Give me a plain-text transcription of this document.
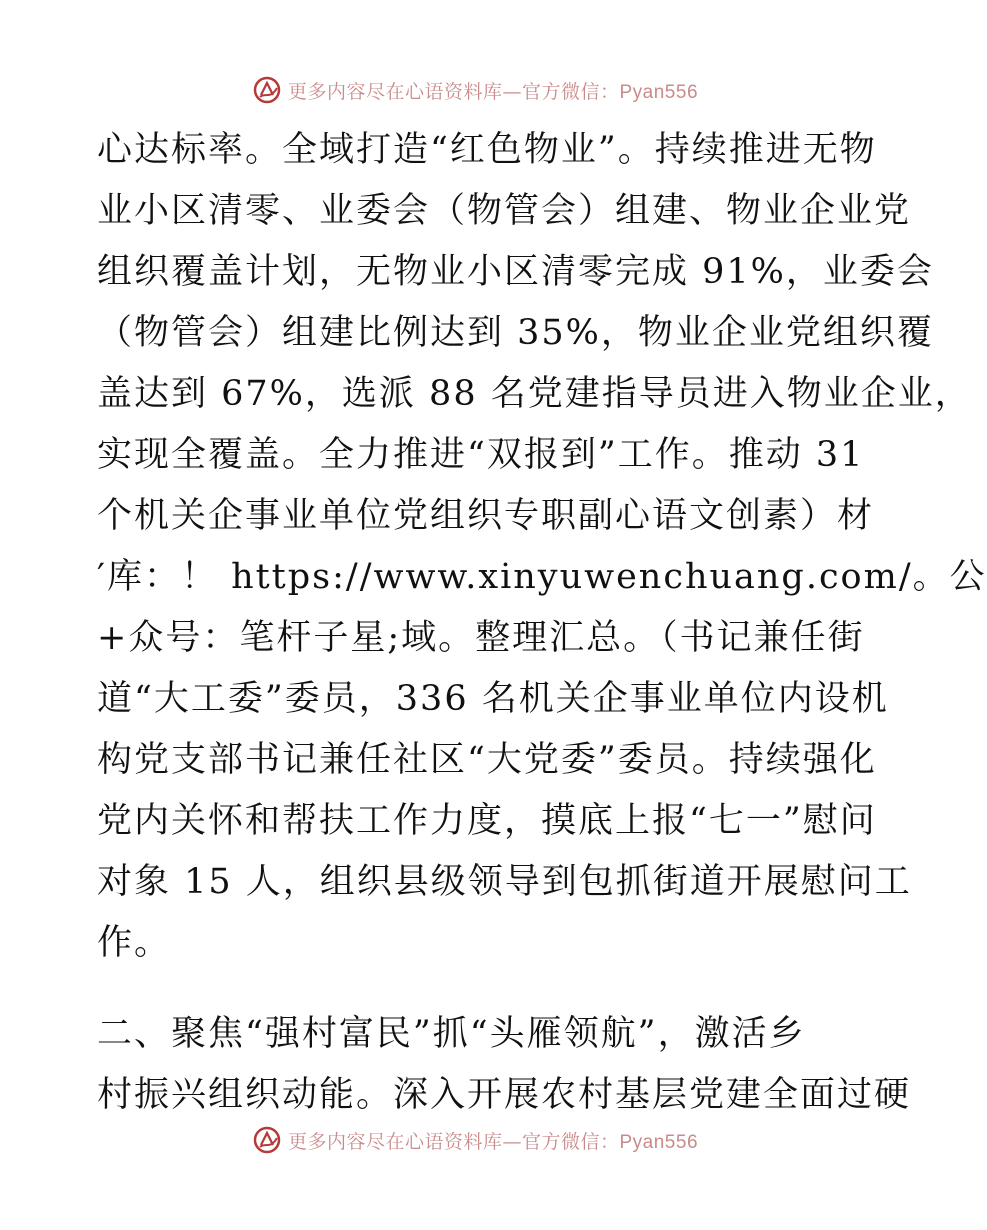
更多内容尽在心语资料库—官方微信：Pyan556
心达标率。全域打造“红色物业”。持续推进无物
业小区清零、业委会（物管会）组建、物业企业党
组织覆盖计划，无物业小区清零完成 91%，业委会
（物管会）组建比例达到 35%，物业企业党组织覆
盖达到 67%，选派 88 名党建指导员进入物业企业，
实现全覆盖。全力推进“双报到”工作。推动 31
个机关企事业单位党组织专职副心语文创素）材
′库：！ https://www.xinyuwenchuang.com/。公
+众号：笔杆子星;域。整理汇总。（书记兼任街
道“大工委”委员，336 名机关企事业单位内设机
构党支部书记兼任社区“大党委”委员。持续强化
党内关怀和帮扶工作力度，摸底上报“七一”慰问
对象 15 人，组织县级领导到包抓街道开展慰问工
作。
二、聚焦“强村富民”抓“头雁领航”，激活乡
村振兴组织动能。深入开展农村基层党建全面过硬
更多内容尽在心语资料库—官方微信：Pyan556
